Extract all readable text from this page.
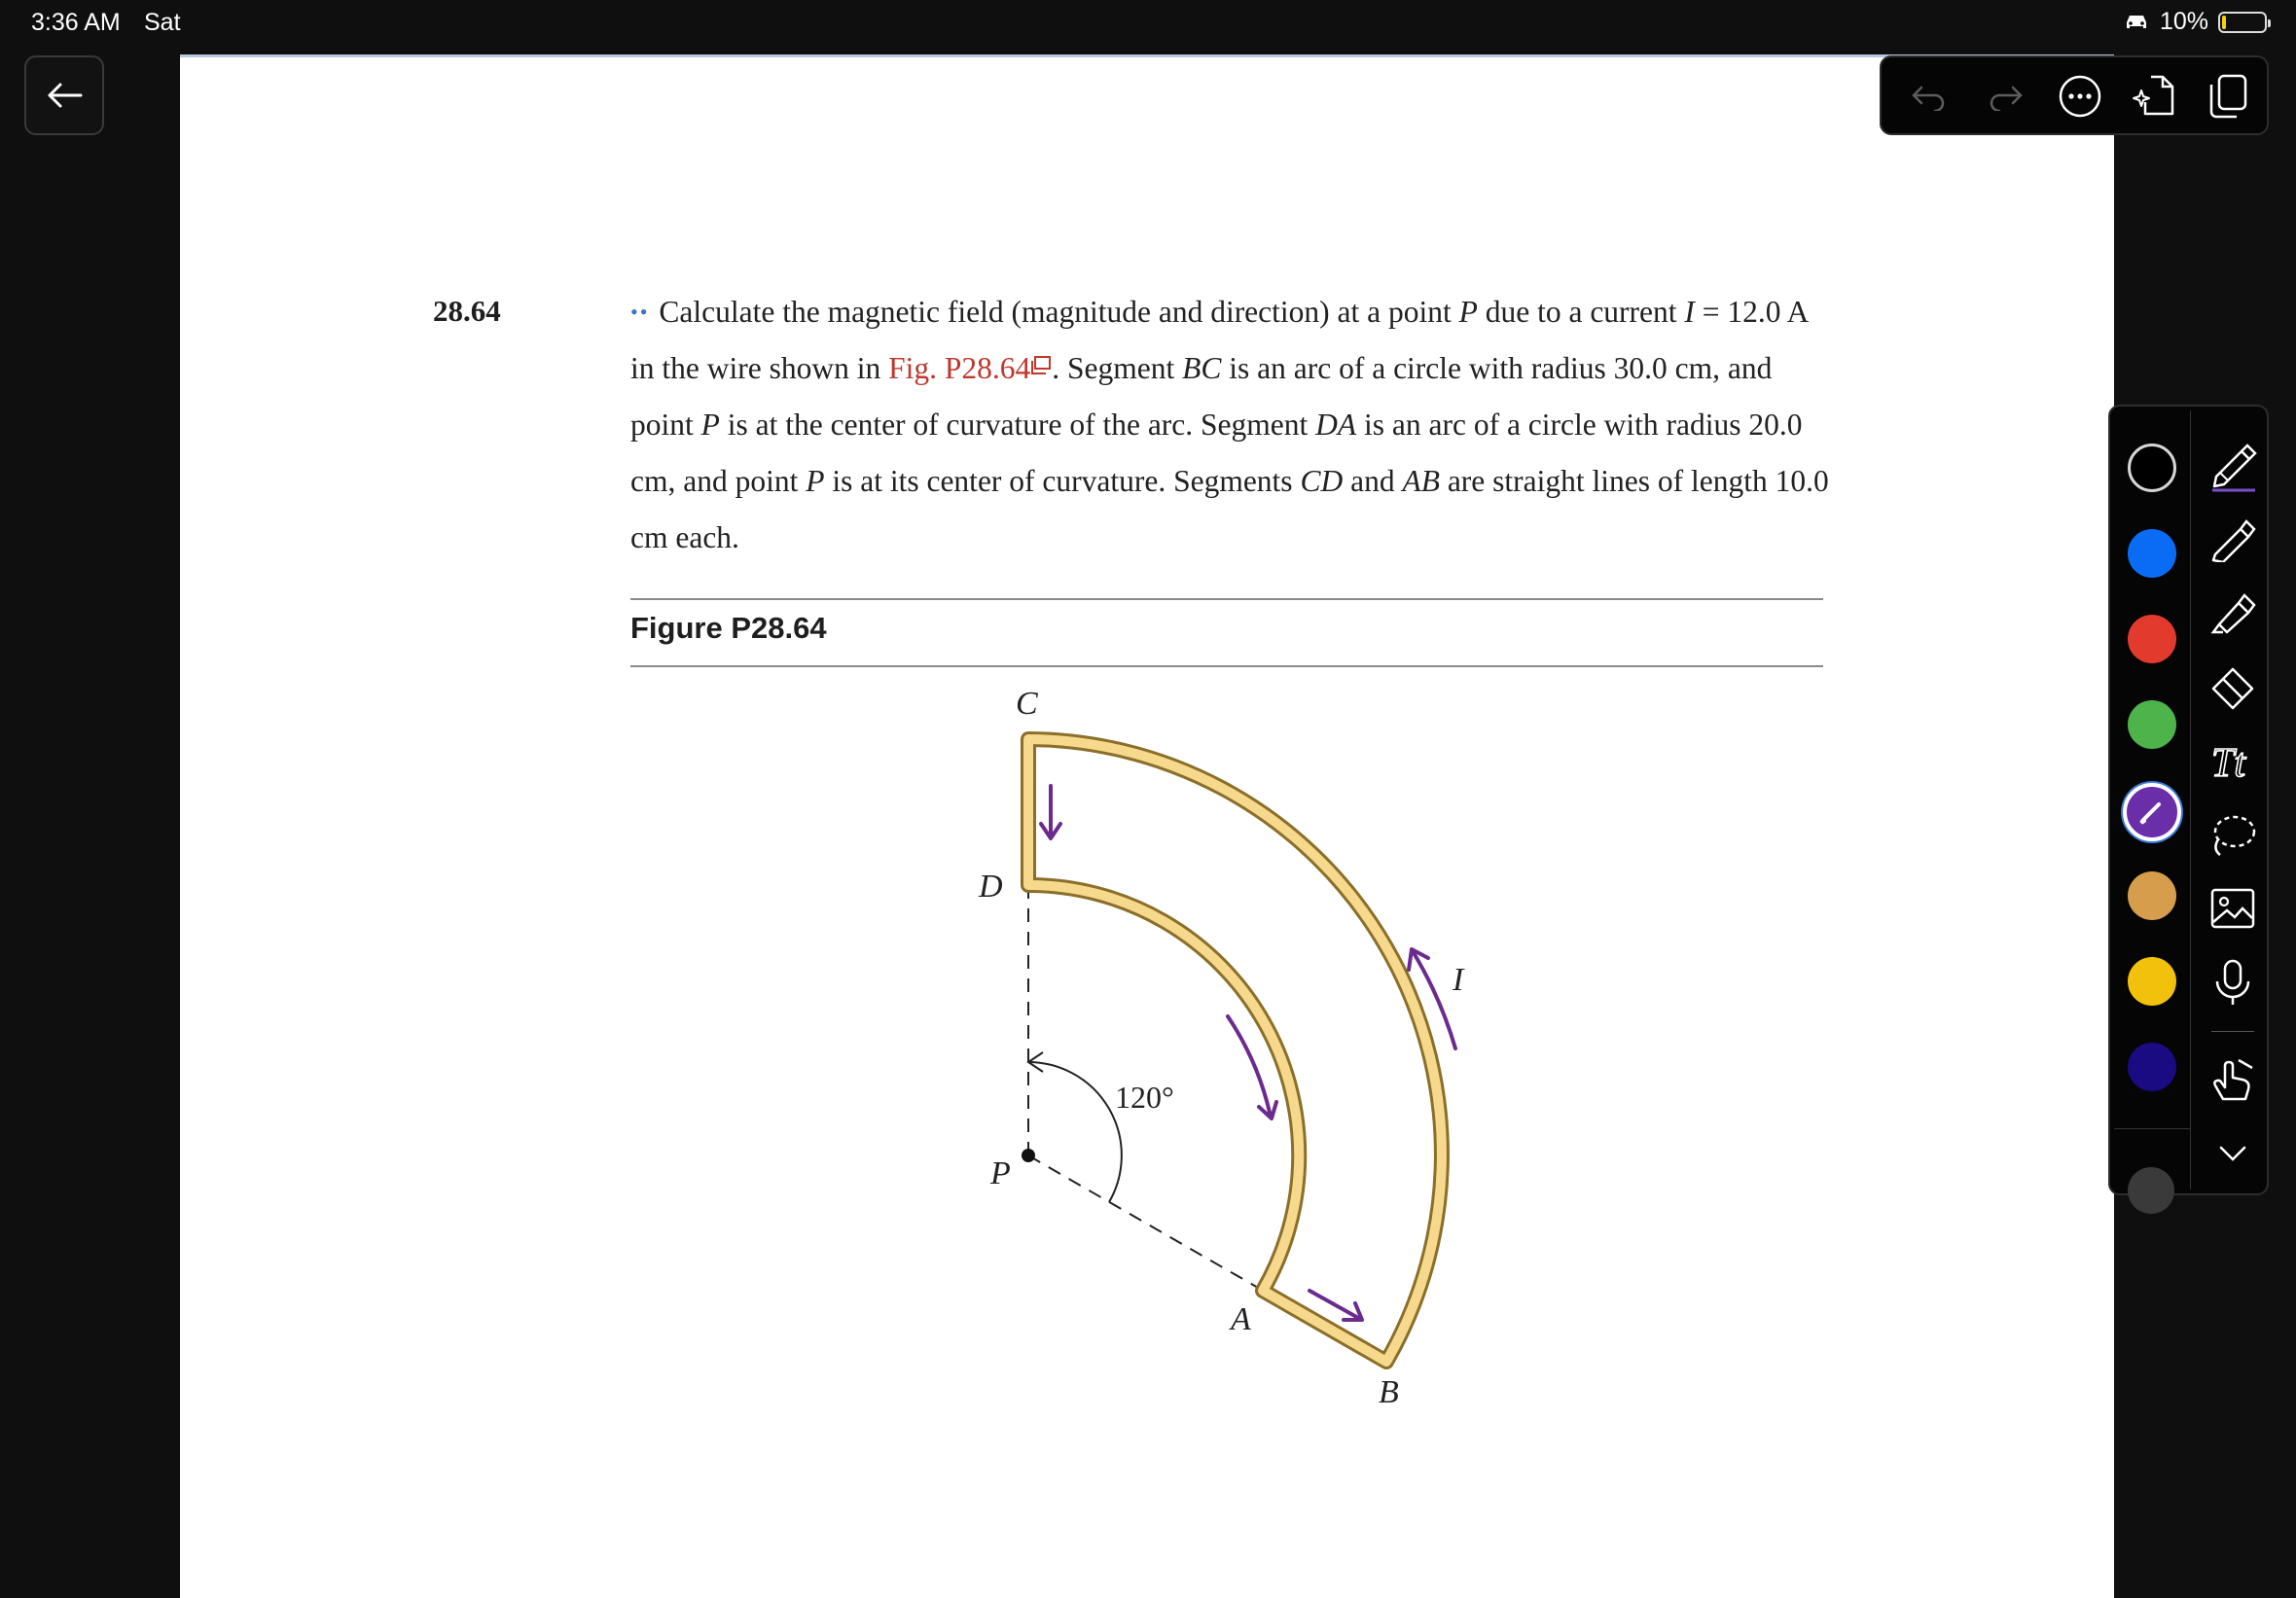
3:36 AM Sat	10%
28.64	•• Calculate the magnetic field (magnitude and direction) at a point P due to a current I = 12.0 A in the wire shown in Fig. P28.64 . Segment BC is an arc of a circle with radius 30.0 cm, and point P is at the center of curvature of the arc. Segment DA is an arc of a circle with radius 20.0 cm, and point P is at its center of curvature. Segments CD and AB are straight lines of length 10.0 cm each.
Figure P28.64
C
D
P
A
B
I
120°
Tt
